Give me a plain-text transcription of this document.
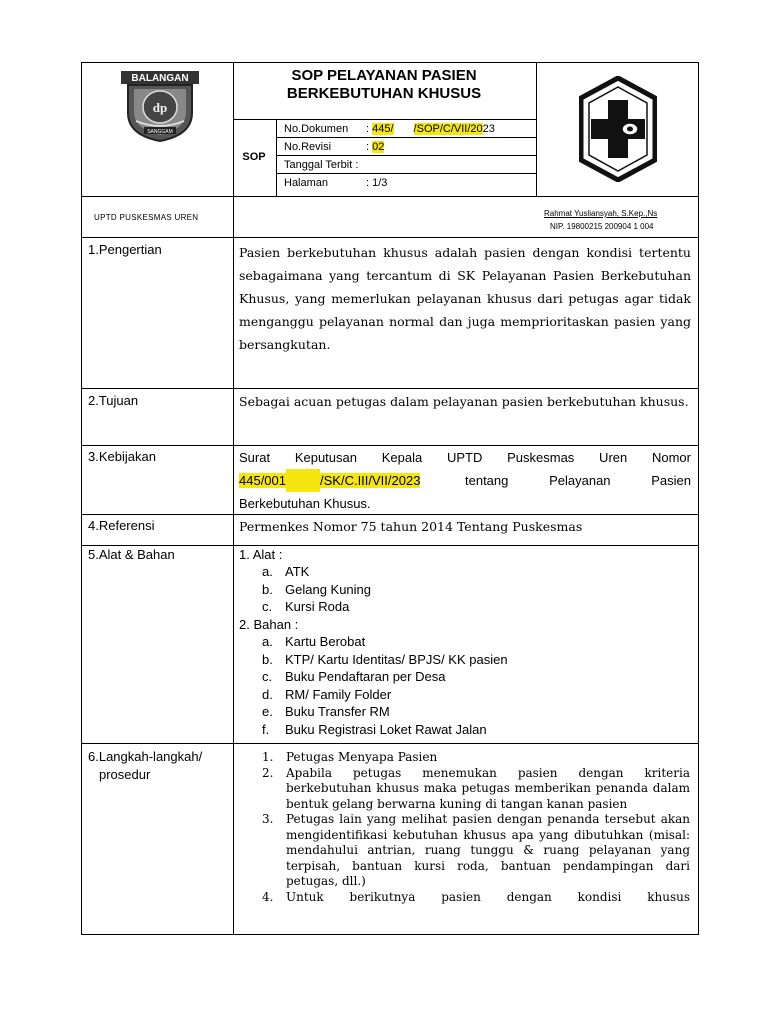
BALANGAN
dp
SANGGAM
SOP PELAYANAN PASIEN
BERKEBUTUHAN KHUSUS
SOP
No.Dokumen : 445/ /SOP/C/VII/2023
No.Revisi	: 02
Tanggal Terbit :
Halaman	: 1/3
UPTD PUSKESMAS UREN	Rahmat Yusliansyah, S.Kep.,Ns
NIP. 19800215 200904 1 004
1.Pengertian	Pasien berkebutuhan khusus adalah pasien dengan kondisi tertentu sebagaimana yang tercantum di SK Pelayanan Pasien Berkebutuhan Khusus, yang memerlukan pelayanan khusus dari petugas agar tidak menganggu pelayanan normal dan juga memprioritaskan pasien yang bersangkutan.
2.Tujuan	Sebagai acuan petugas dalam pelayanan pasien berkebutuhan khusus.
3.Kebijakan	Surat Keputusan Kepala UPTD Puskesmas Uren Nomor
445/001	/SK/C.III/VII/2023	tentang Pelayanan Pasien
Berkebutuhan Khusus.
4.Referensi	Permenkes Nomor 75 tahun 2014 Tentang Puskesmas
5.Alat & Bahan	1. Alat :
a. ATK
b. Gelang Kuning
c. Kursi Roda
2. Bahan :
a. Kartu Berobat
b. KTP/ Kartu Identitas/ BPJS/ KK pasien
c. Buku Pendaftaran per Desa
d. RM/ Family Folder
e. Buku Transfer RM
f. Buku Registrasi Loket Rawat Jalan
6.Langkah-langkah/
prosedur
1. Petugas Menyapa Pasien
2. Apabila petugas menemukan pasien dengan kriteria berkebutuhan khusus maka petugas memberikan penanda dalam bentuk gelang berwarna kuning di tangan kanan pasien
3. Petugas lain yang melihat pasien dengan penanda tersebut akan mengidentifikasi kebutuhan khusus apa yang dibutuhkan (misal: mendahului antrian, ruang tunggu & ruang pelayanan yang terpisah, bantuan kursi roda, bantuan pendampingan dari petugas, dll.)
4. Untuk berikutnya pasien dengan kondisi khusus
